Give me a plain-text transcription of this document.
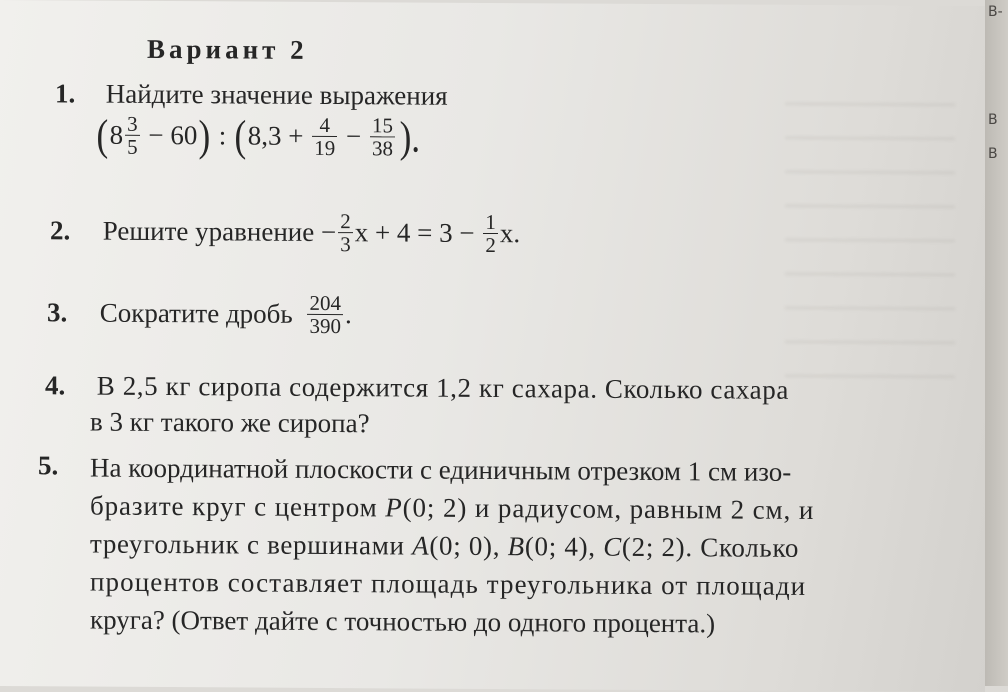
Вариант 2
1. Найдите значение выражения
$(8 \frac{3}{5} - 60)$ : ($8,3 + \frac{4}{19} - \frac{15}{38}$ ).
2. Решите уравнение − $\frac{2}{3}$ $x + 4 = 3 - \frac{1}{2} x$.
3. Сократите дробь $\frac{204}{390}$ .
4. В 2,5 кг сиропа содержится 1,2 кг сахара. Сколько сахара
в 3 кг такого же сиропа?
5.	На координатной плоскости с единичным отрезком 1 см изо-
бразите круг с центром P(0; 2) и радиусом, равным 2 см, и
треугольник с вершинами A(0; 0), B(0; 4), C(2; 2). Сколько
процентов составляет площадь треугольника от площади
круга? (Ответ дайте с точностью до одного процента.)
В-
В
В
